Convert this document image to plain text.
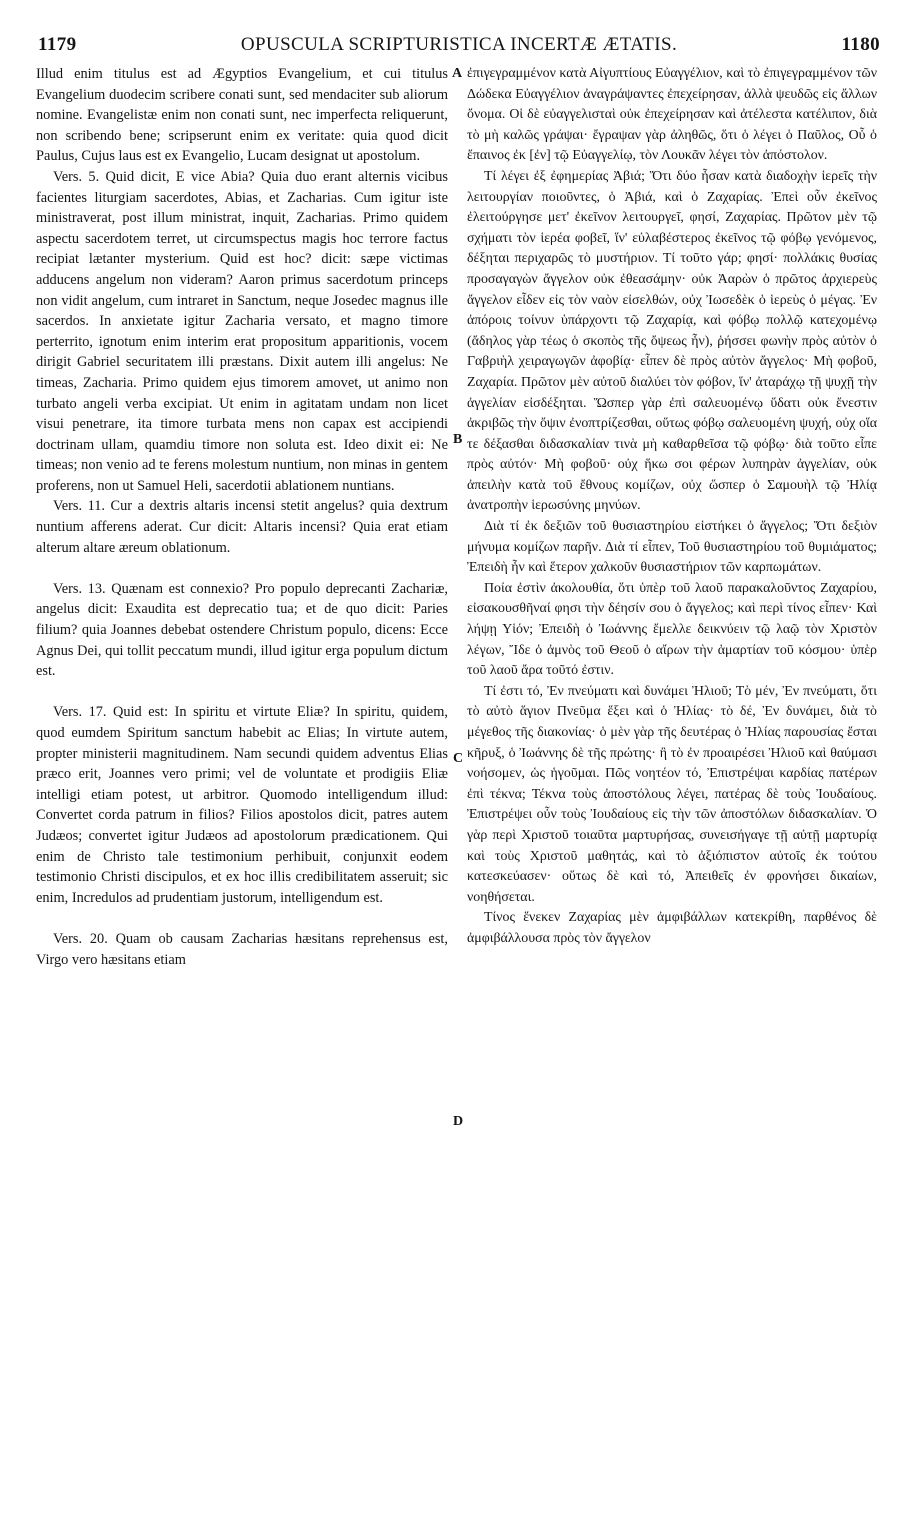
1179	OPUSCULA SCRIPTURISTICA INCERTÆ ÆTATIS.	1180

Illud enim titulus est ad Ægyptios Evangelium, et cui titulus Evangelium duodecim scribere conati sunt, sed mendaciter sub aliorum nomine. Evangelistæ enim non conati sunt, nec imperfecta reliquerunt, non scribendo bene; scripserunt enim ex veritate: quia quod dicit Paulus, Cujus laus est ex Evangelio, Lucam designat ut apostolum.

Vers. 5. Quid dicit, E vice Abia? Quia duo erant alternis vicibus facientes liturgiam sacerdotes, Abias, et Zacharias. Cum igitur iste ministraverat, post illum ministrat, inquit, Zacharias. Primo quidem aspectu sacerdotem terret, ut circumspectus magis hoc terrore factus recipiat lætanter mysterium. Quid est hoc? dicit: sæpe victimas adducens angelum non videram? Aaron primus sacerdotum princeps non vidit angelum, cum intraret in Sanctum, neque Josedec magnus ille sacerdos. In anxietate igitur Zacharia versato, et magno timore perterrito, ignotum enim interim erat propositum apparitionis, vocem dirigit Gabriel securitatem illi præstans. Dixit autem illi angelus: Ne timeas, Zacharia. Primo quidem ejus timorem amovet, ut animo non turbato angeli verba excipiat. Ut enim in agitatam undam non licet visui penetrare, ita timore turbata mens non capax est accipiendi doctrinam ullam, quamdiu timore non soluta est. Ideo dixit ei: Ne timeas; non venio ad te ferens molestum nuntium, non minas in gentem proferens, non ut Samuel Heli, sacerdotii ablationem nuntians.

Vers. 11. Cur a dextris altaris incensi stetit angelus? quia dextrum nuntium afferens aderat. Cur dicit: Altaris incensi? Quia erat etiam alterum altare æreum oblationum.

Vers. 13. Quænam est connexio? Pro populo deprecanti Zachariæ, angelus dicit: Exaudita est deprecatio tua; et de quo dicit: Paries filium? quia Joannes debebat ostendere Christum populo, dicens: Ecce Agnus Dei, qui tollit peccatum mundi, illud igitur erga populum dictum est.

Vers. 17. Quid est: In spiritu et virtute Eliæ? In spiritu, quidem, quod eumdem Spiritum sanctum habebit ac Elias; In virtute autem, propter ministerii magnitudinem. Nam secundi quidem adventus Elias præco erit, Joannes vero primi; vel de voluntate et prodigiis Eliæ intelligi etiam potest, ut arbitror. Quomodo intelligendum illud: Convertet corda patrum in filios? Filios apostolos dicit, patres autem Judæos; convertet igitur Judæos ad apostolorum prædicationem. Qui enim de Christo tale testimonium perhibuit, conjunxit eodem testimonio Christi discipulos, et ex hoc illis credibilitatem asseruit; sic enim, Incredulos ad prudentiam justorum, intelligendum est.

Vers. 20. Quam ob causam Zacharias hæsitans reprehensus est, Virgo vero hæsitans etiam

ἐπιγεγραμμένον κατὰ Αἰγυπτίους Εὐαγγέλιον, καὶ τὸ ἐπιγεγραμμένον τῶν Δώδεκα Εὐαγγέλιον ἀναγράψαντες ἐπεχείρησαν, ἀλλὰ ψευδῶς εἰς ἄλλων ὄνομα. Οἱ δὲ εὐαγγελισταὶ οὐκ ἐπεχείρησαν καὶ ἀτέλεστα κατέλιπον, διὰ τὸ μὴ καλῶς γράψαι· ἔγραψαν γὰρ ἀληθῶς, ὅτι ὁ λέγει ὁ Παῦλος, Οὗ ὁ ἔπαινος ἐκ [ἐν] τῷ Εὐαγγελίῳ, τὸν Λουκᾶν λέγει τὸν ἀπόστολον.

Τί λέγει ἐξ ἐφημερίας Ἀβιά; Ὅτι δύο ἦσαν κατὰ διαδοχὴν ἱερεῖς τὴν λειτουργίαν ποιοῦντες, ὁ Ἀβιά, καὶ ὁ Ζαχαρίας. Ἐπεὶ οὖν ἐκεῖνος ἐλειτούργησε μετ' ἐκεῖνον λειτουργεῖ, φησί, Ζαχαρίας. Πρῶτον μὲν τῷ σχήματι τὸν ἱερέα φοβεῖ, ἵν' εὐλαβέστερος ἐκεῖνος τῷ φόβῳ γενόμενος, δέξηται περιχαρῶς τὸ μυστήριον. Τί τοῦτο γάρ; φησί· πολλάκις θυσίας προσαγαγὼν ἄγγελον οὐκ ἐθεασάμην· οὐκ Ἀαρὼν ὁ πρῶτος ἀρχιερεὺς ἄγγελον εἶδεν εἰς τὸν ναὸν εἰσελθών, οὐχ Ἰωσεδὲκ ὁ ἱερεὺς ὁ μέγας. Ἐν ἀπόροις τοίνυν ὑπάρχοντι τῷ Ζαχαρίᾳ, καὶ φόβῳ πολλῷ κατεχομένῳ (ἄδηλος γὰρ τέως ὁ σκοπὸς τῆς ὄψεως ἦν), ῥήσσει φωνὴν πρὸς αὐτὸν ὁ Γαβριὴλ χειραγωγῶν ἀφοβίᾳ· εἶπεν δὲ πρὸς αὐτὸν ἄγγελος· Μὴ φοβοῦ, Ζαχαρία. Πρῶτον μὲν αὐτοῦ διαλύει τὸν φόβον, ἵν' ἀταράχῳ τῇ ψυχῇ τὴν ἀγγελίαν εἰσδέξηται. Ὥσπερ γὰρ ἐπὶ σαλευομένῳ ὕδατι οὐκ ἔνεστιν ἀκριβῶς τὴν ὄψιν ἐνοπτρίζεσθαι, οὕτως φόβῳ σαλευομένη ψυχή, οὐχ οἵα τε δέξασθαι διδασκαλίαν τινὰ μὴ καθαρθεῖσα τῷ φόβῳ· διὰ τοῦτο εἶπε πρὸς αὐτόν· Μὴ φοβοῦ· οὐχ ἥκω σοι φέρων λυπηρὰν ἀγγελίαν, οὐκ ἀπειλὴν κατὰ τοῦ ἔθνους κομίζων, οὐχ ὥσπερ ὁ Σαμουὴλ τῷ Ἠλίᾳ ἀνατροπὴν ἱερωσύνης μηνύων.

Διὰ τί ἐκ δεξιῶν τοῦ θυσιαστηρίου εἱστήκει ὁ ἄγγελος; Ὅτι δεξιὸν μήνυμα κομίζων παρῆν. Διὰ τί εἶπεν, Τοῦ θυσιαστηρίου τοῦ θυμιάματος; Ἐπειδὴ ἦν καὶ ἕτερον χαλκοῦν θυσιαστήριον τῶν καρπωμάτων.

Ποία ἐστὶν ἀκολουθία, ὅτι ὑπὲρ τοῦ λαοῦ παρακαλοῦντος Ζαχαρίου, εἰσακουσθῆναί φησι τὴν δέησίν σου ὁ ἄγγελος; καὶ περὶ τίνος εἶπεν· Καὶ λήψῃ Υἱόν; Ἐπειδὴ ὁ Ἰωάννης ἔμελλε δεικνύειν τῷ λαῷ τὸν Χριστὸν λέγων, Ἴδε ὁ ἀμνὸς τοῦ Θεοῦ ὁ αἴρων τὴν ἁμαρτίαν τοῦ κόσμου· ὑπὲρ τοῦ λαοῦ ἄρα τοῦτό ἐστιν.

Τί ἐστι τό, Ἐν πνεύματι καὶ δυνάμει Ἠλιοῦ; Τὸ μέν, Ἐν πνεύματι, ὅτι τὸ αὐτὸ ἅγιον Πνεῦμα ἕξει καὶ ὁ Ἠλίας· τὸ δέ, Ἐν δυνάμει, διὰ τὸ μέγεθος τῆς διακονίας· ὁ μὲν γὰρ τῆς δευτέρας ὁ Ἠλίας παρουσίας ἔσται κῆρυξ, ὁ Ἰωάννης δὲ τῆς πρώτης· ἢ τὸ ἐν προαιρέσει Ἠλιοῦ καὶ θαύμασι νοήσομεν, ὡς ἡγοῦμαι. Πῶς νοητέον τό, Ἐπιστρέψαι καρδίας πατέρων ἐπὶ τέκνα; Τέκνα τοὺς ἀποστόλους λέγει, πατέρας δὲ τοὺς Ἰουδαίους. Ἐπιστρέψει οὖν τοὺς Ἰουδαίους εἰς τὴν τῶν ἀποστόλων διδασκαλίαν. Ὁ γὰρ περὶ Χριστοῦ τοιαῦτα μαρτυρήσας, συνεισήγαγε τῇ αὐτῇ μαρτυρίᾳ καὶ τοὺς Χριστοῦ μαθητάς, καὶ τὸ ἀξιόπιστον αὐτοῖς ἐκ τούτου κατεσκεύασεν· οὕτως δὲ καὶ τό, Ἀπειθεῖς ἐν φρονήσει δικαίων, νοηθήσεται.

Τίνος ἕνεκεν Ζαχαρίας μὲν ἀμφιβάλλων κατεκρίθη, παρθένος δὲ ἀμφιβάλλουσα πρὸς τὸν ἄγγελον

A
B
C
D
